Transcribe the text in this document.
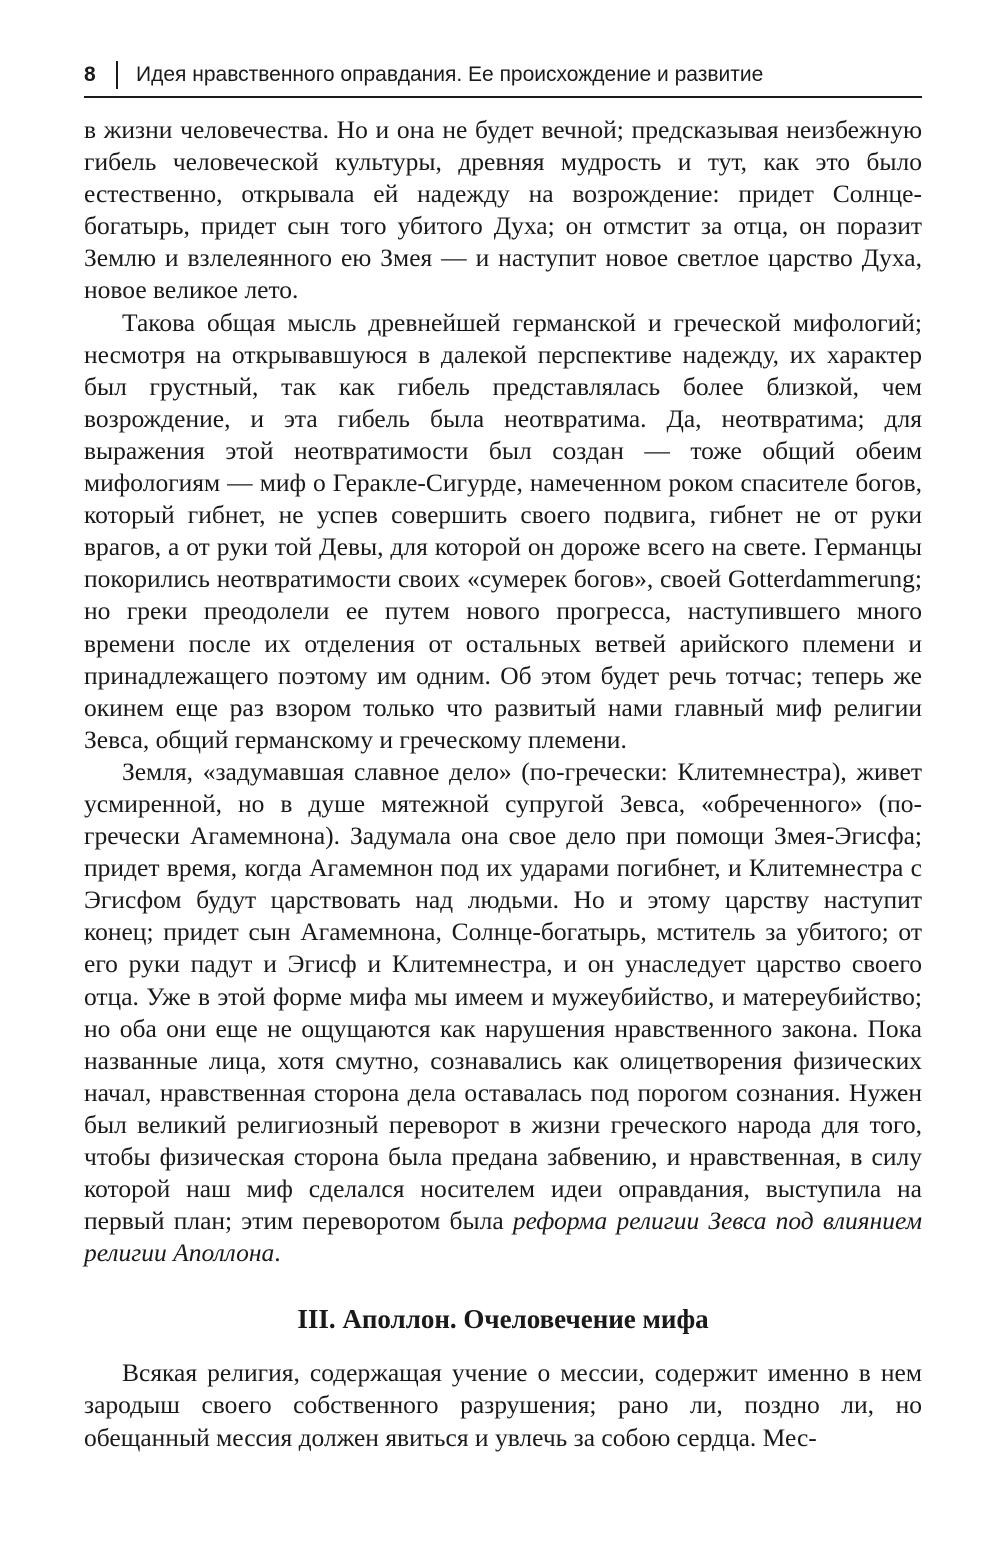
8	Идея нравственного оправдания. Ее происхождение и развитие

в жизни человечества. Но и она не будет вечной; предсказывая неизбежную гибель человеческой культуры, древняя мудрость и тут, как это было естественно, открывала ей надежду на возрождение: придет Солнце-богатырь, придет сын того убитого Духа; он отмстит за отца, он поразит Землю и взлелеянного ею Змея — и наступит новое светлое царство Духа, новое великое лето.

Такова общая мысль древнейшей германской и греческой мифологий; несмотря на открывавшуюся в далекой перспективе надежду, их характер был грустный, так как гибель представлялась более близкой, чем возрождение, и эта гибель была неотвратима. Да, неотвратима; для выражения этой неотвратимости был создан — тоже общий обеим мифологиям — миф о Геракле-Сигурде, намеченном роком спасителе богов, который гибнет, не успев совершить своего подвига, гибнет не от руки врагов, а от руки той Девы, для которой он дороже всего на свете. Германцы покорились неотвратимости своих «сумерек богов», своей Gotterdammerung; но греки преодолели ее путем нового прогресса, наступившего много времени после их отделения от остальных ветвей арийского племени и принадлежащего поэтому им одним. Об этом будет речь тотчас; теперь же окинем еще раз взором только что развитый нами главный миф религии Зевса, общий германскому и греческому племени.

Земля, «задумавшая славное дело» (по-гречески: Клитемнестра), живет усмиренной, но в душе мятежной супругой Зевса, «обреченного» (по-гречески Агамемнона). Задумала она свое дело при помощи Змея-Эгисфа; придет время, когда Агамемнон под их ударами погибнет, и Клитемнестра с Эгисфом будут царствовать над людьми. Но и этому царству наступит конец; придет сын Агамемнона, Солнце-богатырь, мститель за убитого; от его руки падут и Эгисф и Клитемнестра, и он унаследует царство своего отца. Уже в этой форме мифа мы имеем и мужеубийство, и матереубийство; но оба они еще не ощущаются как нарушения нравственного закона. Пока названные лица, хотя смутно, сознавались как олицетворения физических начал, нравственная сторона дела оставалась под порогом сознания. Нужен был великий религиозный переворот в жизни греческого народа для того, чтобы физическая сторона была предана забвению, и нравственная, в силу которой наш миф сделался носителем идеи оправдания, выступила на первый план; этим переворотом была реформа религии Зевса под влиянием религии Аполлона.

III. Аполлон. Очеловечение мифа

Всякая религия, содержащая учение о мессии, содержит именно в нем зародыш своего собственного разрушения; рано ли, поздно ли, но обещанный мессия должен явиться и увлечь за собою сердца. Мес-
